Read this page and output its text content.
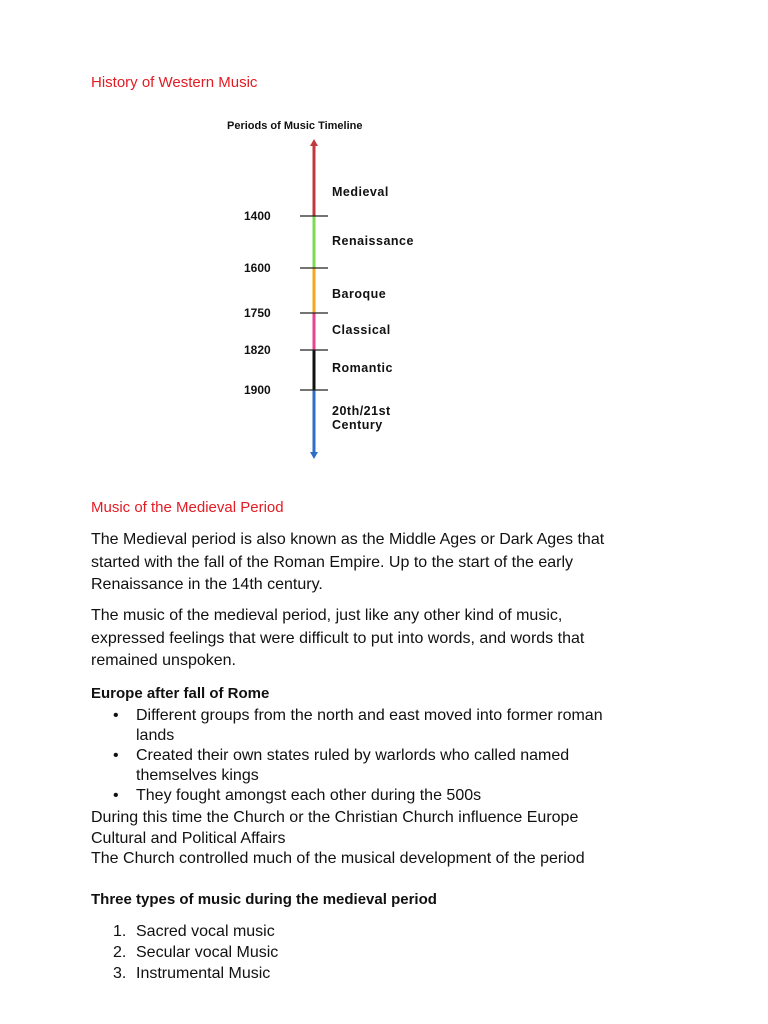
History of Western Music
Periods of Music Timeline
1400
1600
1750
1820
1900
Medieval
Renaissance
Baroque
Classical
Romantic
20th/21st
Century
Music of the Medieval Period
The Medieval period is also known as the Middle Ages or Dark Ages that
started with the fall of the Roman Empire. Up to the start of the early
Renaissance in the 14th century.
The music of the medieval period, just like any other kind of music,
expressed feelings that were difficult to put into words, and words that
remained unspoken.
Europe after fall of Rome
• Different groups from the north and east moved into former roman
lands
• Created their own states ruled by warlords who called named
themselves kings
• They fought amongst each other during the 500s
During this time the Church or the Christian Church influence Europe
Cultural and Political Affairs
The Church controlled much of the musical development of the period
Three types of music during the medieval period
1. Sacred vocal music
2. Secular vocal Music
3. Instrumental Music
